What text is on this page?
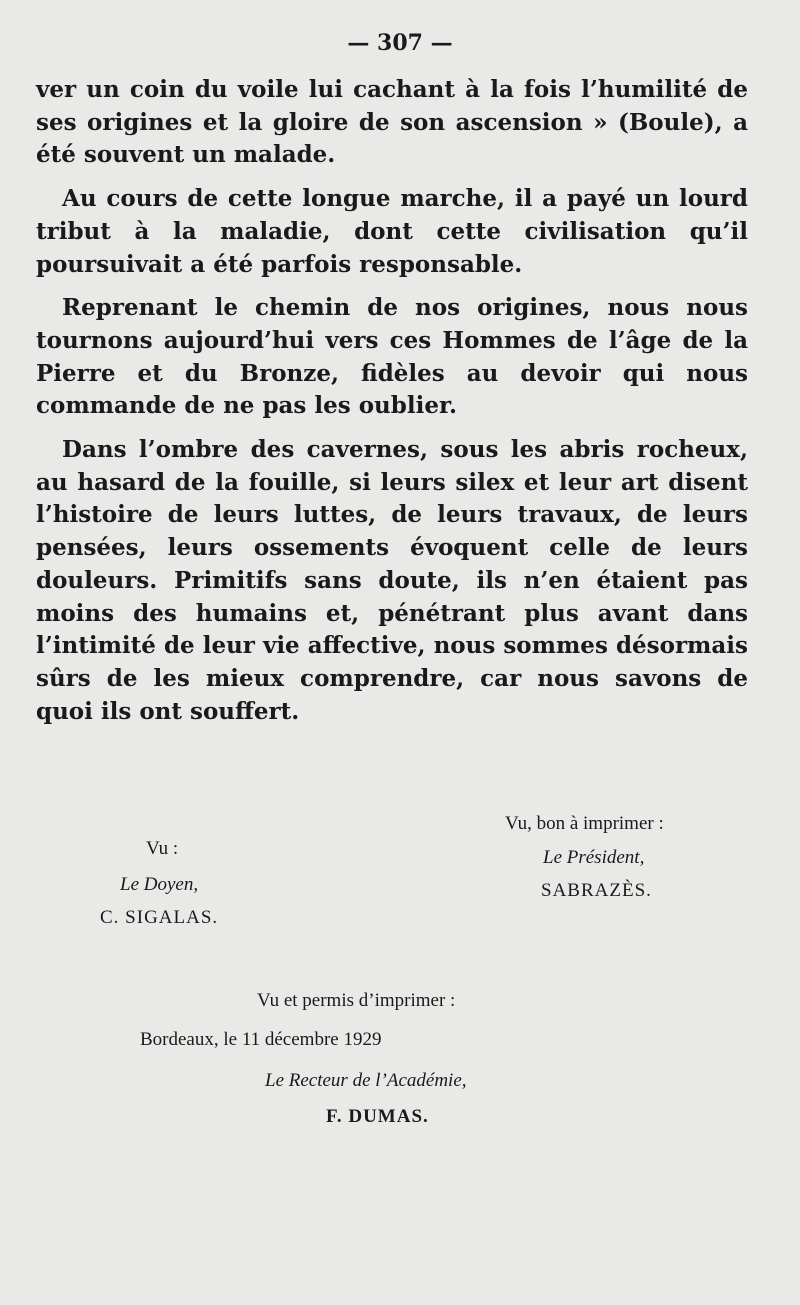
— 307 —

ver un coin du voile lui cachant à la fois l’humilité de ses origines et la gloire de son ascension » (Boule), a été souvent un malade.

Au cours de cette longue marche, il a payé un lourd tribut à la maladie, dont cette civilisation qu’il poursuivait a été parfois responsable.

Reprenant le chemin de nos origines, nous nous tournons aujourd’hui vers ces Hommes de l’âge de la Pierre et du Bronze, fidèles au devoir qui nous commande de ne pas les oublier.

Dans l’ombre des cavernes, sous les abris rocheux, au hasard de la fouille, si leurs silex et leur art disent l’histoire de leurs luttes, de leurs travaux, de leurs pensées, leurs ossements évoquent celle de leurs douleurs. Primitifs sans doute, ils n’en étaient pas moins des humains et, pénétrant plus avant dans l’intimité de leur vie affective, nous sommes désormais sûrs de les mieux comprendre, car nous savons de quoi ils ont souffert.

Vu, bon à imprimer :
Le Président,
SABRAZÈS.
Vu :
Le Doyen,
C. SIGALAS.
Vu et permis d’imprimer :
Bordeaux, le 11 décembre 1929
Le Recteur de l’Académie,
F. DUMAS.
